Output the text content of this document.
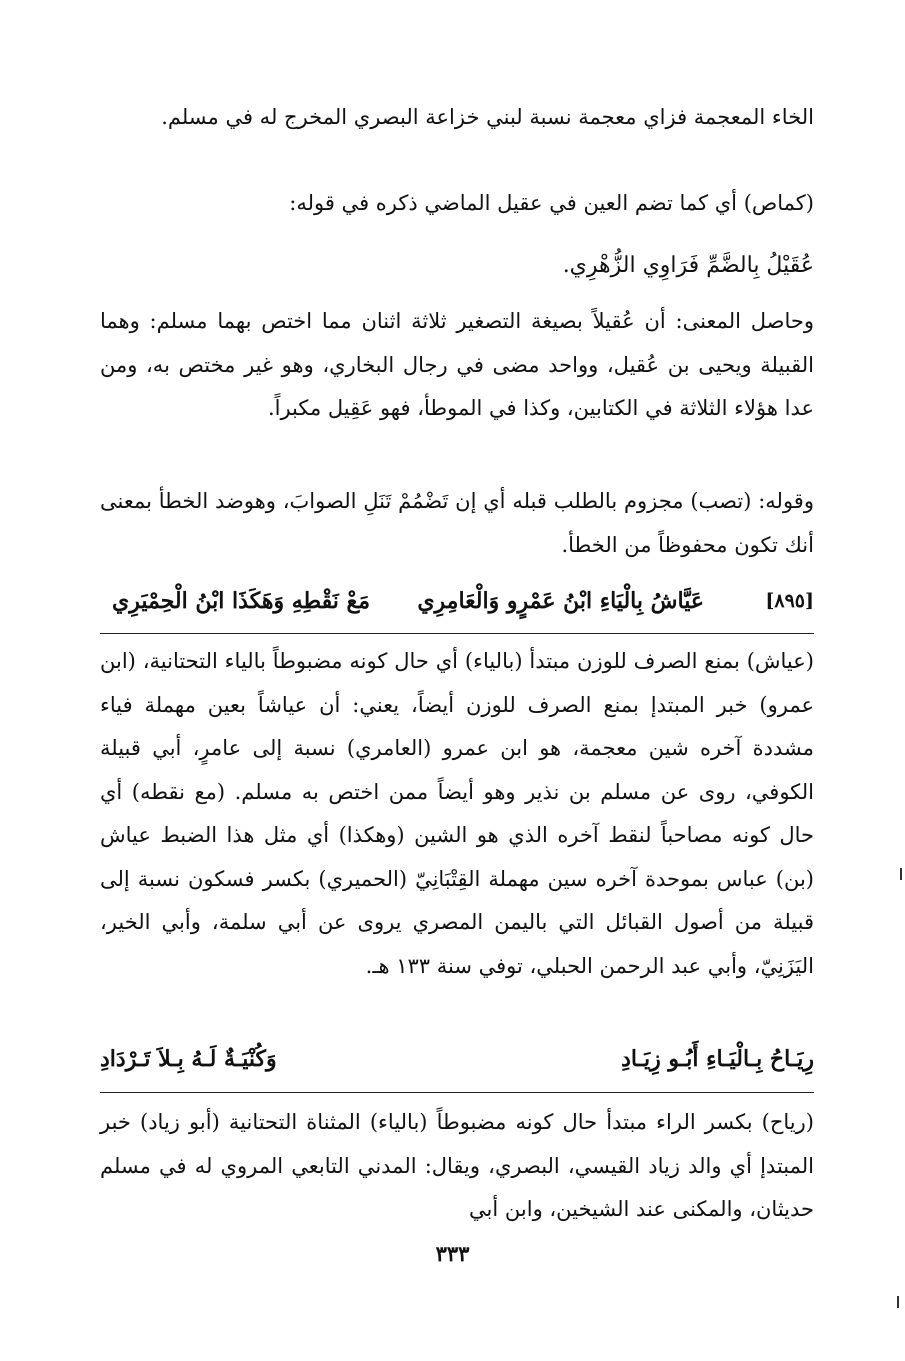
الخاء المعجمة فزاي معجمة نسبة لبني خزاعة البصري المخرج له في مسلم.

(كماص) أي كما تضم العين في عقيل الماضي ذكره في قوله:

عُقَيْلُ بِالضَّمِّ فَرَاوِي الزُّهْرِي.

وحاصل المعنى: أن عُقيلاً بصيغة التصغير ثلاثة اثنان مما اختص بهما مسلم: وهما القبيلة ويحيى بن عُقيل، وواحد مضى في رجال البخاري، وهو غير مختص به، ومن عدا هؤلاء الثلاثة في الكتابين، وكذا في الموطأ، فهو عَقِيل مكبراً.

وقوله: (تصب) مجزوم بالطلب قبله أي إن تَضْمُمْ تَنَلِ الصوابَ، وهوضد الخطأ بمعنى أنك تكون محفوظاً من الخطأ.

[٨٩٥]
عَيَّاشُ بِالْيَاءِ ابْنُ عَمْرٍو وَالْعَامِرِي
مَعْ نَقْطِهِ وَهَكَذَا ابْنُ الْحِمْيَرِي

(عياش) بمنع الصرف للوزن مبتدأ (بالياء) أي حال كونه مضبوطاً بالياء التحتانية، (ابن عمرو) خبر المبتدإ بمنع الصرف للوزن أيضاً، يعني: أن عياشاً بعين مهملة فياء مشددة آخره شين معجمة، هو ابن عمرو (العامري) نسبة إلى عامرٍ، أبي قبيلة الكوفي، روى عن مسلم بن نذير وهو أيضاً ممن اختص به مسلم. (مع نقطه) أي حال كونه مصاحباً لنقط آخره الذي هو الشين (وهكذا) أي مثل هذا الضبط عياش (بن) عباس بموحدة آخره سين مهملة القِتْبَانِيّ (الحميري) بكسر فسكون نسبة إلى قبيلة من أصول القبائل التي باليمن المصري يروى عن أبي سلمة، وأبي الخير، اليَزَنِيّ، وأبي عبد الرحمن الحبلي، توفي سنة ١٣٣ هـ.

رِيَـاحُ بِـالْيَـاءِ أَبُـو زِيَـادِ
وَكُنْيَـةٌ لَـهُ بِـلاَ تَـرْدَادِ

(رياح) بكسر الراء مبتدأ حال كونه مضبوطاً (بالياء) المثناة التحتانية (أبو زياد) خبر المبتدإ أي والد زياد القيسي، البصري، ويقال: المدني التابعي المروي له في مسلم حديثان، والمكنى عند الشيخين، وابن أبي

٣٣٣
